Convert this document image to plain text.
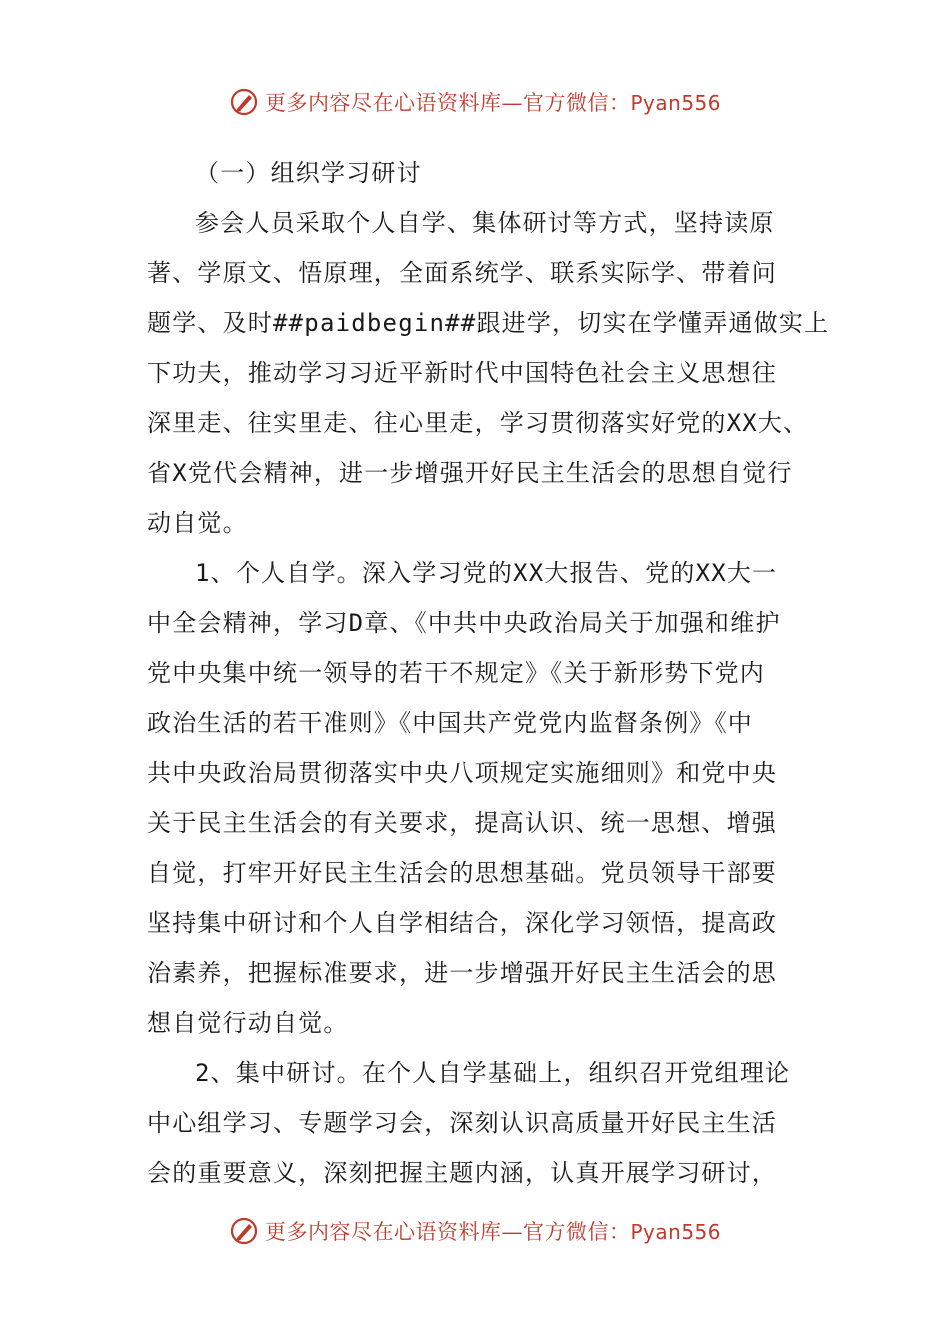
更多内容尽在心语资料库—官方微信：Pyan556
（一）组织学习研讨
参会人员采取个人自学、集体研讨等方式，坚持读原
著、学原文、悟原理，全面系统学、联系实际学、带着问
题学、及时##paidbegin##跟进学，切实在学懂弄通做实上
下功夫，推动学习习近平新时代中国特色社会主义思想往
深里走、往实里走、往心里走，学习贯彻落实好党的XX大、
省X党代会精神，进一步增强开好民主生活会的思想自觉行
动自觉。
1、个人自学。深入学习党的XX大报告、党的XX大一
中全会精神，学习D章、《中共中央政治局关于加强和维护
党中央集中统一领导的若干不规定》《关于新形势下党内
政治生活的若干准则》《中国共产党党内监督条例》《中
共中央政治局贯彻落实中央八项规定实施细则》和党中央
关于民主生活会的有关要求，提高认识、统一思想、增强
自觉，打牢开好民主生活会的思想基础。党员领导干部要
坚持集中研讨和个人自学相结合，深化学习领悟，提高政
治素养，把握标准要求，进一步增强开好民主生活会的思
想自觉行动自觉。
2、集中研讨。在个人自学基础上，组织召开党组理论
中心组学习、专题学习会，深刻认识高质量开好民主生活
会的重要意义，深刻把握主题内涵，认真开展学习研讨，
更多内容尽在心语资料库—官方微信：Pyan556
